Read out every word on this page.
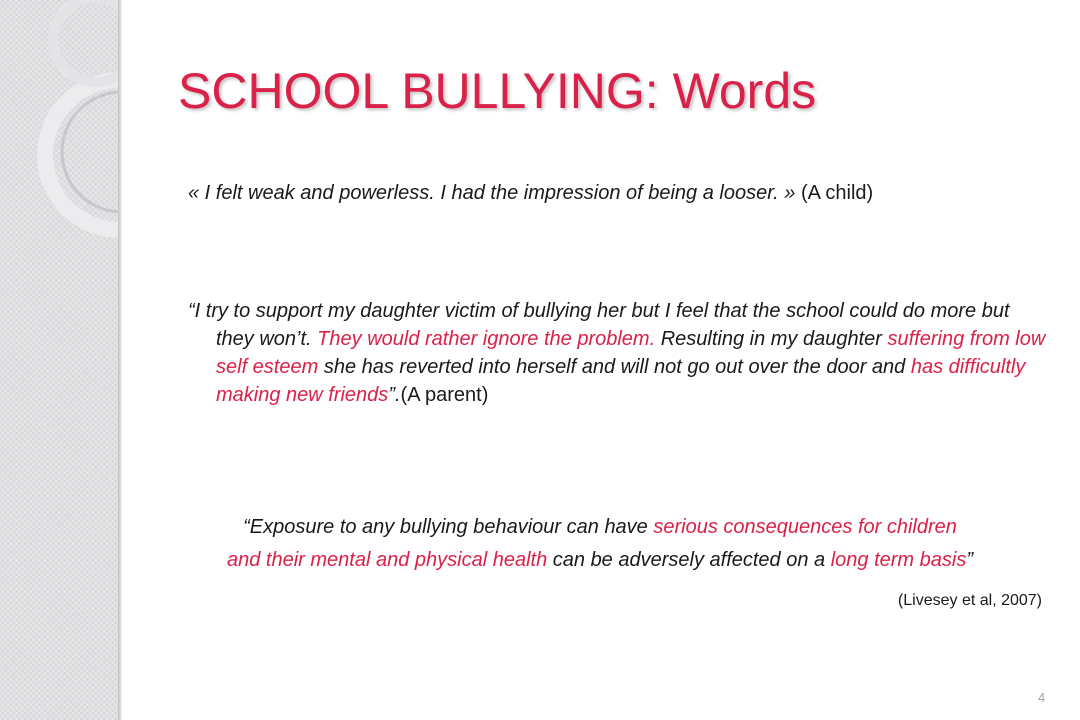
SCHOOL BULLYING: Words

« I felt weak and powerless. I had the impression of being a looser. » (A child)

“I try to support my daughter victim of bullying her but I feel that the school could do more but they won’t. They would rather ignore the problem. Resulting in my daughter suffering from low self esteem she has reverted into herself and will not go out over the door and has difficultly making new friends”.(A parent)

“Exposure to any bullying behaviour can have serious consequences for children
and their mental and physical health can be adversely affected on a long term basis”

(Livesey et al, 2007)
4
